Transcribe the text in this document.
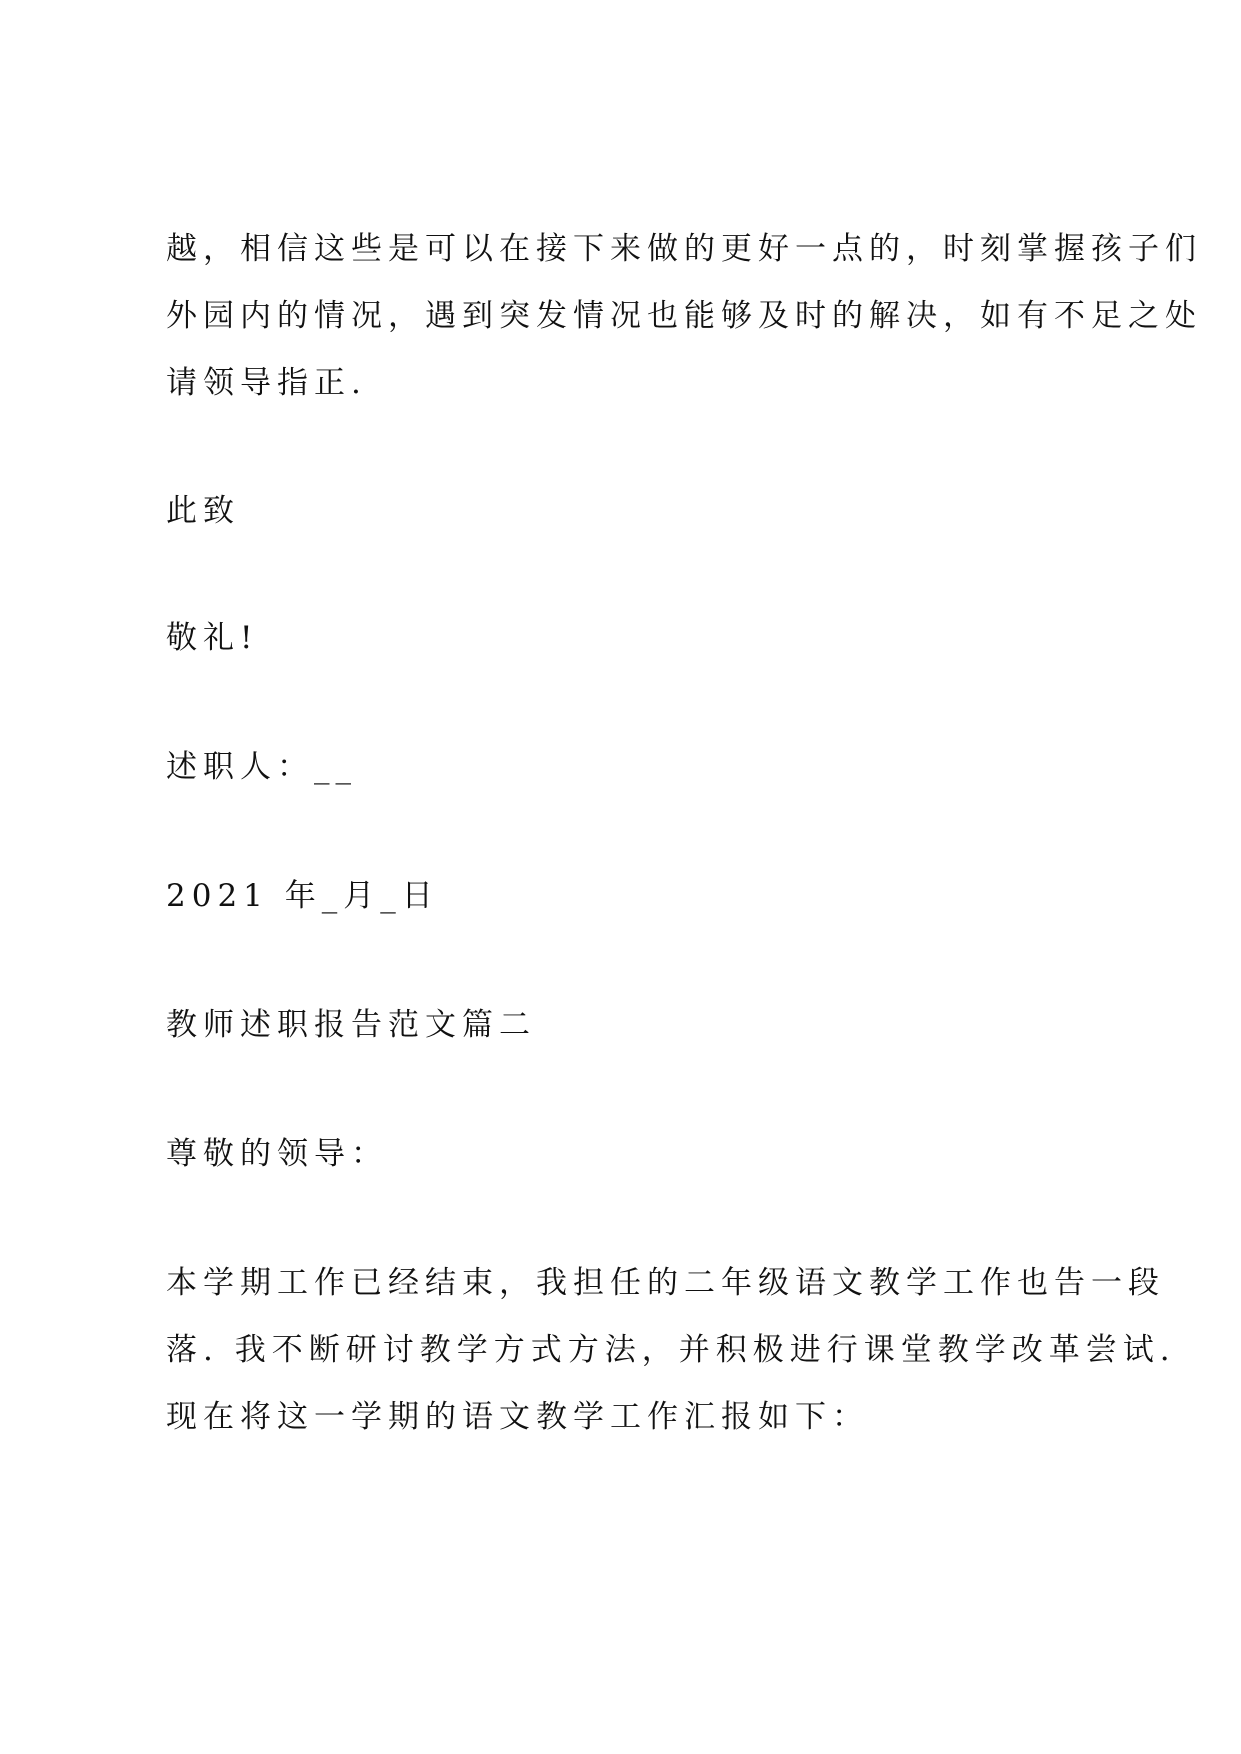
越，相信这些是可以在接下来做的更好一点的，时刻掌握孩子们
外园内的情况，遇到突发情况也能够及时的解决，如有不足之处
请领导指正.
此致
敬礼!
述职人：__
2021 年_月_日
教师述职报告范文篇二
尊敬的领导：
本学期工作已经结束，我担任的二年级语文教学工作也告一段
落. 我不断研讨教学方式方法，并积极进行课堂教学改革尝试.
现在将这一学期的语文教学工作汇报如下：
